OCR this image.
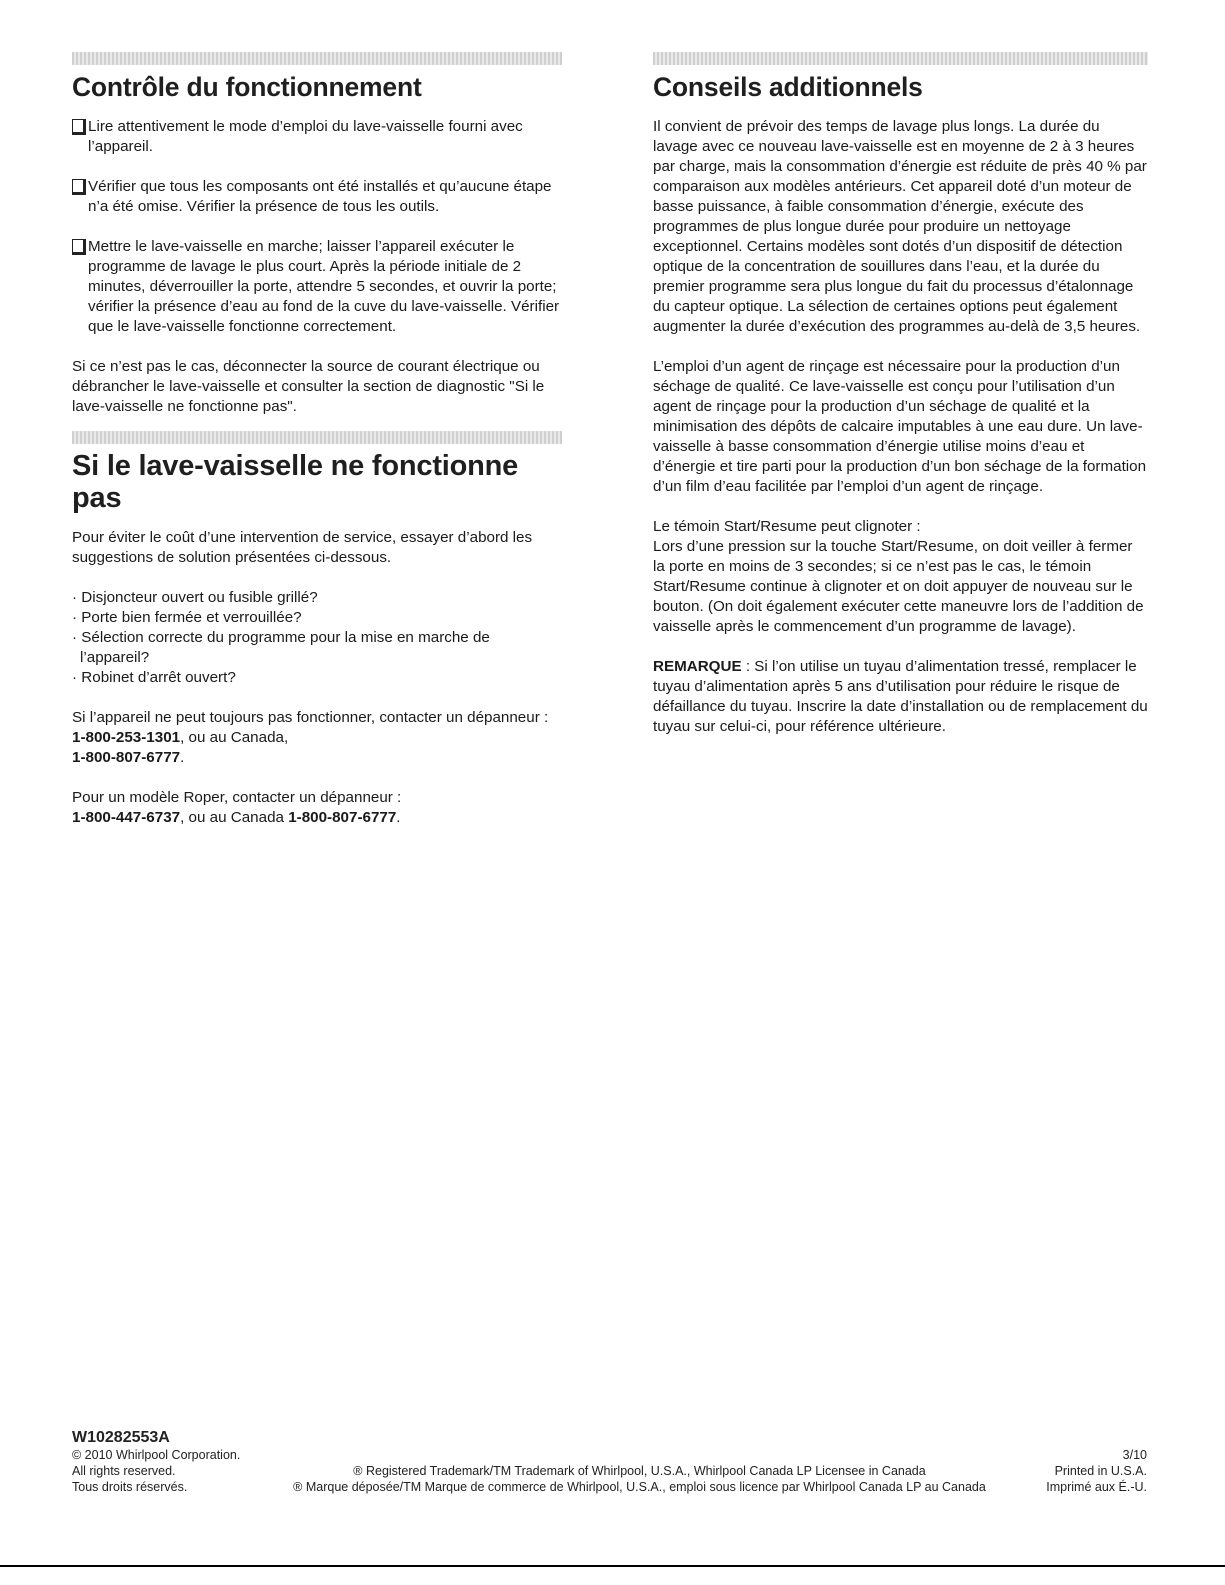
Contrôle du fonctionnement
Lire attentivement le mode d’emploi du lave-vaisselle fourni avec l’appareil.
Vérifier que tous les composants ont été installés et qu’aucune étape n’a été omise. Vérifier la présence de tous les outils.
Mettre le lave-vaisselle en marche; laisser l’appareil exécuter le programme de lavage le plus court. Après la période initiale de 2 minutes, déverrouiller la porte, attendre 5 secondes, et ouvrir la porte; vérifier la présence d’eau au fond de la cuve du lave-vaisselle. Vérifier que le lave-vaisselle fonctionne correctement.

Si ce n’est pas le cas, déconnecter la source de courant électrique ou débrancher le lave-vaisselle et consulter la section de diagnostic "Si le lave-vaisselle ne fonctionne pas".

Si le lave-vaisselle ne fonctionne pas

Pour éviter le coût d’une intervention de service, essayer d’abord les suggestions de solution présentées ci-dessous.

· Disjoncteur ouvert ou fusible grillé?
· Porte bien fermée et verrouillée?
· Sélection correcte du programme pour la mise en marche de l’appareil?
· Robinet d’arrêt ouvert?

Si l’appareil ne peut toujours pas fonctionner, contacter un dépanneur : 1-800-253-1301, ou au Canada,
1-800-807-6777.

Pour un modèle Roper, contacter un dépanneur :
1-800-447-6737, ou au Canada 1-800-807-6777.

Conseils additionnels

Il convient de prévoir des temps de lavage plus longs. La durée du lavage avec ce nouveau lave-vaisselle est en moyenne de 2 à 3 heures par charge, mais la consommation d’énergie est réduite de près 40 % par comparaison aux modèles antérieurs. Cet appareil doté d’un moteur de basse puissance, à faible consommation d’énergie, exécute des programmes de plus longue durée pour produire un nettoyage exceptionnel. Certains modèles sont dotés d’un dispositif de détection optique de la concentration de souillures dans l’eau, et la durée du premier programme sera plus longue du fait du processus d’étalonnage du capteur optique. La sélection de certaines options peut également augmenter la durée d’exécution des programmes au-delà de 3,5 heures.

L’emploi d’un agent de rinçage est nécessaire pour la production d’un séchage de qualité. Ce lave-vaisselle est conçu pour l’utilisation d’un agent de rinçage pour la production d’un séchage de qualité et la minimisation des dépôts de calcaire imputables à une eau dure. Un lave-vaisselle à basse consommation d’énergie utilise moins d’eau et d’énergie et tire parti pour la production d’un bon séchage de la formation d’un film d’eau facilitée par l’emploi d’un agent de rinçage.

Le témoin Start/Resume peut clignoter :
Lors d’une pression sur la touche Start/Resume, on doit veiller à fermer la porte en moins de 3 secondes; si ce n’est pas le cas, le témoin Start/Resume continue à clignoter et on doit appuyer de nouveau sur le bouton. (On doit également exécuter cette maneuvre lors de l’addition de vaisselle après le commencement d’un programme de lavage).

REMARQUE : Si l’on utilise un tuyau d’alimentation tressé, remplacer le tuyau d’alimentation après 5 ans d’utilisation pour réduire le risque de défaillance du tuyau. Inscrire la date d’installation ou de remplacement du tuyau sur celui-ci, pour référence ultérieure.

W10282553A
© 2010 Whirlpool Corporation.	3/10
All rights reserved.	® Registered Trademark/TM Trademark of Whirlpool, U.S.A., Whirlpool Canada LP Licensee in Canada	Printed in U.S.A.
Tous droits réservés.	® Marque déposée/TM Marque de commerce de Whirlpool, U.S.A., emploi sous licence par Whirlpool Canada LP au Canada	Imprimé aux É.-U.
